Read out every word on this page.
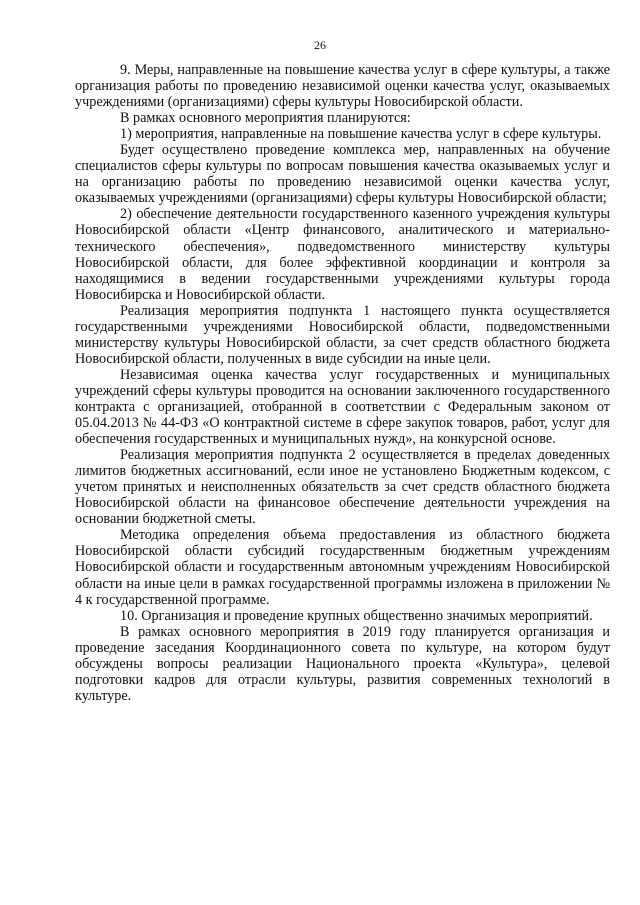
26

9. Меры, направленные на повышение качества услуг в сфере культуры, а также организация работы по проведению независимой оценки качества услуг, оказываемых учреждениями (организациями) сферы культуры Новосибирской области.

В рамках основного мероприятия планируются:

1) мероприятия, направленные на повышение качества услуг в сфере культуры.

Будет осуществлено проведение комплекса мер, направленных на обучение специалистов сферы культуры по вопросам повышения качества оказываемых услуг и на организацию работы по проведению независимой оценки качества услуг, оказываемых учреждениями (организациями) сферы культуры Новосибирской области;

2) обеспечение деятельности государственного казенного учреждения культуры Новосибирской области «Центр финансового, аналитического и материально-технического обеспечения», подведомственного министерству культуры Новосибирской области, для более эффективной координации и контроля за находящимися в ведении государственными учреждениями культуры города Новосибирска и Новосибирской области.

Реализация мероприятия подпункта 1 настоящего пункта осуществляется государственными учреждениями Новосибирской области, подведомственными министерству культуры Новосибирской области, за счет средств областного бюджета Новосибирской области, полученных в виде субсидии на иные цели.

Независимая оценка качества услуг государственных и муниципальных учреждений сферы культуры проводится на основании заключенного государственного контракта с организацией, отобранной в соответствии с Федеральным законом от 05.04.2013 № 44-ФЗ «О контрактной системе в сфере закупок товаров, работ, услуг для обеспечения государственных и муниципальных нужд», на конкурсной основе.

Реализация мероприятия подпункта 2 осуществляется в пределах доведенных лимитов бюджетных ассигнований, если иное не установлено Бюджетным кодексом, с учетом принятых и неисполненных обязательств за счет средств областного бюджета Новосибирской области на финансовое обеспечение деятельности учреждения на основании бюджетной сметы.

Методика определения объема предоставления из областного бюджета Новосибирской области субсидий государственным бюджетным учреждениям Новосибирской области и государственным автономным учреждениям Новосибирской области на иные цели в рамках государственной программы изложена в приложении № 4 к государственной программе.

10. Организация и проведение крупных общественно значимых мероприятий.

В рамках основного мероприятия в 2019 году планируется организация и проведение заседания Координационного совета по культуре, на котором будут обсуждены вопросы реализации Национального проекта «Культура», целевой подготовки кадров для отрасли культуры, развития современных технологий в культуре.
